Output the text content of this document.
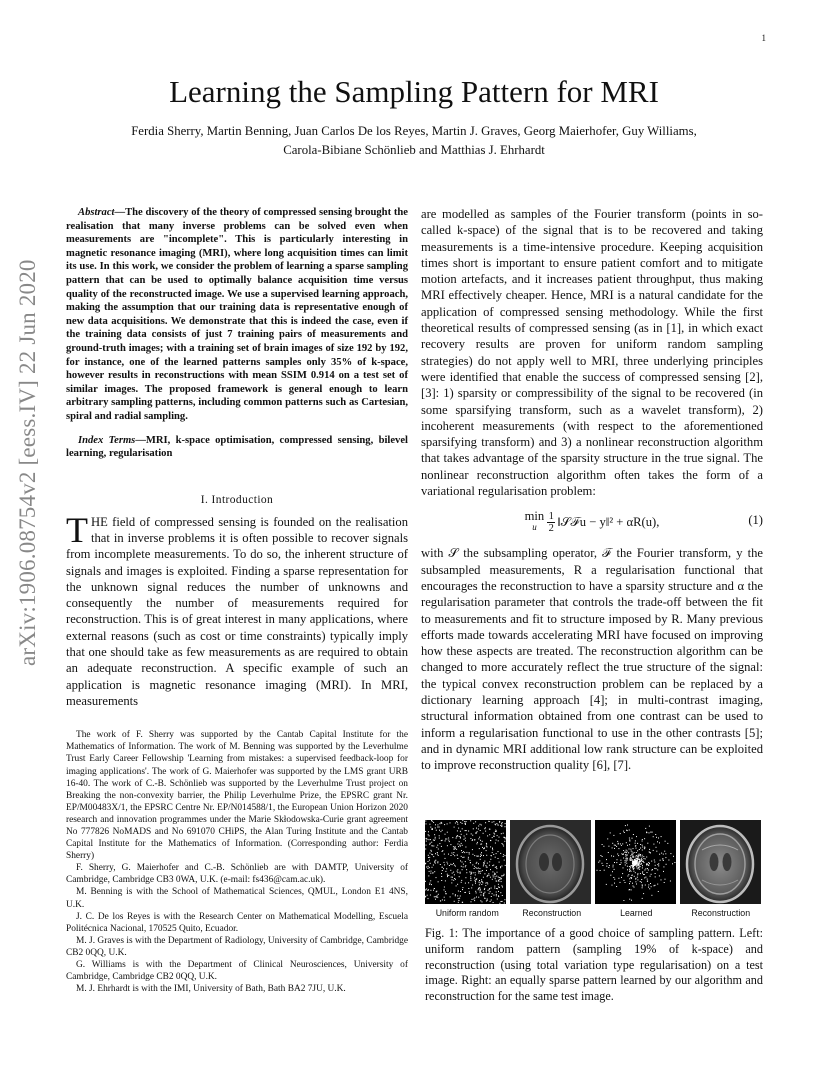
1
arXiv:1906.08754v2 [eess.IV] 22 Jun 2020
Learning the Sampling Pattern for MRI
Ferdia Sherry, Martin Benning, Juan Carlos De los Reyes, Martin J. Graves, Georg Maierhofer, Guy Williams,
Carola-Bibiane Schönlieb and Matthias J. Ehrhardt

Abstract—The discovery of the theory of compressed sensing brought the realisation that many inverse problems can be solved even when measurements are "incomplete". This is particularly interesting in magnetic resonance imaging (MRI), where long acquisition times can limit its use. In this work, we consider the problem of learning a sparse sampling pattern that can be used to optimally balance acquisition time versus quality of the reconstructed image. We use a supervised learning approach, making the assumption that our training data is representative enough of new data acquisitions. We demonstrate that this is indeed the case, even if the training data consists of just 7 training pairs of measurements and ground-truth images; with a training set of brain images of size 192 by 192, for instance, one of the learned patterns samples only 35% of k-space, however results in reconstructions with mean SSIM 0.914 on a test set of similar images. The proposed framework is general enough to learn arbitrary sampling patterns, including common patterns such as Cartesian, spiral and radial sampling.

Index Terms—MRI, k-space optimisation, compressed sensing, bilevel learning, regularisation

I. Introduction

THE field of compressed sensing is founded on the realisation that in inverse problems it is often possible to recover signals from incomplete measurements. To do so, the inherent structure of signals and images is exploited. Finding a sparse representation for the unknown signal reduces the number of unknowns and consequently the number of measurements required for reconstruction. This is of great interest in many applications, where external reasons (such as cost or time constraints) typically imply that one should take as few measurements as are required to obtain an adequate reconstruction. A specific example of such an application is magnetic resonance imaging (MRI). In MRI, measurements

The work of F. Sherry was supported by the Cantab Capital Institute for the Mathematics of Information. The work of M. Benning was supported by the Leverhulme Trust Early Career Fellowship 'Learning from mistakes: a supervised feedback-loop for imaging applications'. The work of G. Maierhofer was supported by the LMS grant URB 16-40. The work of C.-B. Schönlieb was supported by the Leverhulme Trust project on Breaking the non-convexity barrier, the Philip Leverhulme Prize, the EPSRC grant Nr. EP/M00483X/1, the EPSRC Centre Nr. EP/N014588/1, the European Union Horizon 2020 research and innovation programmes under the Marie Skłodowska-Curie grant agreement No 777826 NoMADS and No 691070 CHiPS, the Alan Turing Institute and the Cantab Capital Institute for the Mathematics of Information. (Corresponding author: Ferdia Sherry)

F. Sherry, G. Maierhofer and C.-B. Schönlieb are with DAMTP, University of Cambridge, Cambridge CB3 0WA, U.K. (e-mail: fs436@cam.ac.uk).

M. Benning is with the School of Mathematical Sciences, QMUL, London E1 4NS, U.K.

J. C. De los Reyes is with the Research Center on Mathematical Modelling, Escuela Politécnica Nacional, 170525 Quito, Ecuador.

M. J. Graves is with the Department of Radiology, University of Cambridge, Cambridge CB2 0QQ, U.K.

G. Williams is with the Department of Clinical Neurosciences, University of Cambridge, Cambridge CB2 0QQ, U.K.

M. J. Ehrhardt is with the IMI, University of Bath, Bath BA2 7JU, U.K.

are modelled as samples of the Fourier transform (points in so-called k-space) of the signal that is to be recovered and taking measurements is a time-intensive procedure. Keeping acquisition times short is important to ensure patient comfort and to mitigate motion artefacts, and it increases patient throughput, thus making MRI effectively cheaper. Hence, MRI is a natural candidate for the application of compressed sensing methodology. While the first theoretical results of compressed sensing (as in [1], in which exact recovery results are proven for uniform random sampling strategies) do not apply well to MRI, three underlying principles were identified that enable the success of compressed sensing [2], [3]: 1) sparsity or compressibility of the signal to be recovered (in some sparsifying transform, such as a wavelet transform), 2) incoherent measurements (with respect to the aforementioned sparsifying transform) and 3) a nonlinear reconstruction algorithm that takes advantage of the sparsity structure in the true signal. The nonlinear reconstruction algorithm often takes the form of a variational regularisation problem:

min
u $\frac{1}{2}$ ‖𝒮ℱu − y‖² + αR(u),	(1)

with 𝒮 the subsampling operator, ℱ the Fourier transform, y the subsampled measurements, R a regularisation functional that encourages the reconstruction to have a sparsity structure and α the regularisation parameter that controls the trade-off between the fit to measurements and fit to structure imposed by R. Many previous efforts made towards accelerating MRI have focused on improving how these aspects are treated. The reconstruction algorithm can be changed to more accurately reflect the true structure of the signal: the typical convex reconstruction problem can be replaced by a dictionary learning approach [4]; in multi-contrast imaging, structural information obtained from one contrast can be used to inform a regularisation functional to use in the other contrasts [5]; and in dynamic MRI additional low rank structure can be exploited to improve reconstruction quality [6], [7].

Uniform random	Reconstruction	Learned	Reconstruction

Fig. 1: The importance of a good choice of sampling pattern. Left: uniform random pattern (sampling 19% of k-space) and reconstruction (using total variation type regularisation) on a test image. Right: an equally sparse pattern learned by our algorithm and reconstruction for the same test image.
